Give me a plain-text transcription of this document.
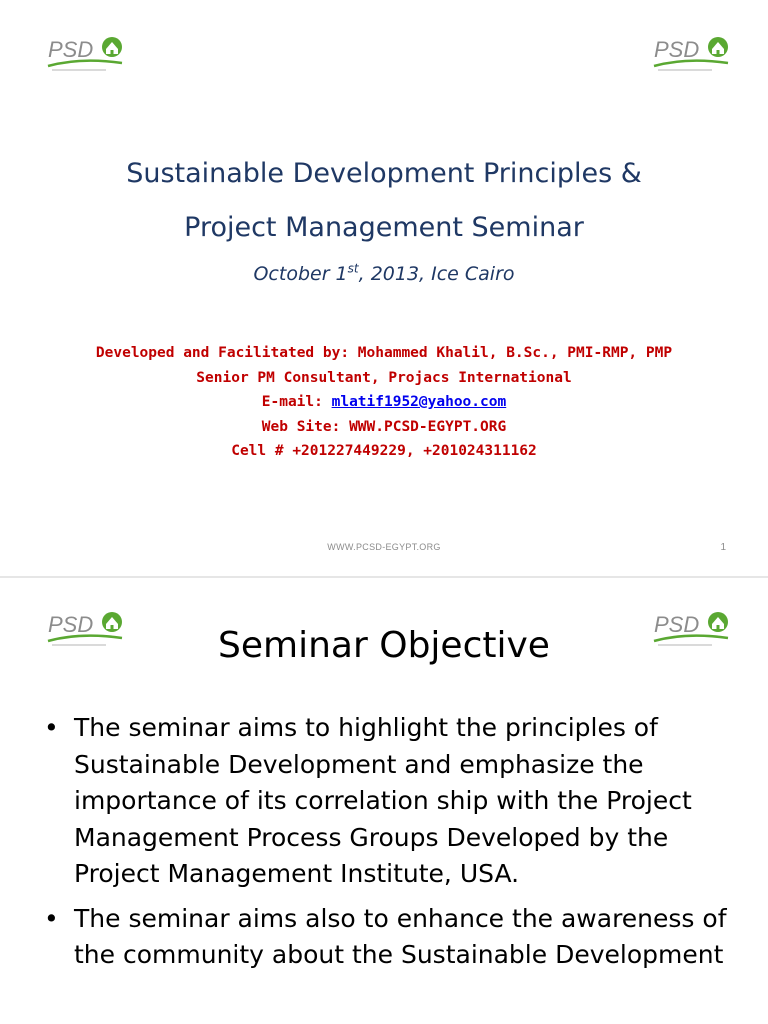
PSD	PSD
Sustainable Development Principles &
Project Management Seminar
October 1st, 2013, Ice Cairo
Developed and Facilitated by: Mohammed Khalil, B.Sc., PMI-RMP, PMP
Senior PM Consultant, Projacs International
E-mail: mlatif1952@yahoo.com
Web Site: WWW.PCSD-EGYPT.ORG
Cell # +201227449229, +201024311162
WWW.PCSD-EGYPT.ORG	1
PSD	PSD
Seminar Objective
• The seminar aims to highlight the principles of Sustainable Development and emphasize the importance of its correlation ship with the Project Management Process Groups Developed by the Project Management Institute, USA.
• The seminar aims also to enhance the awareness of the community about the Sustainable Development
